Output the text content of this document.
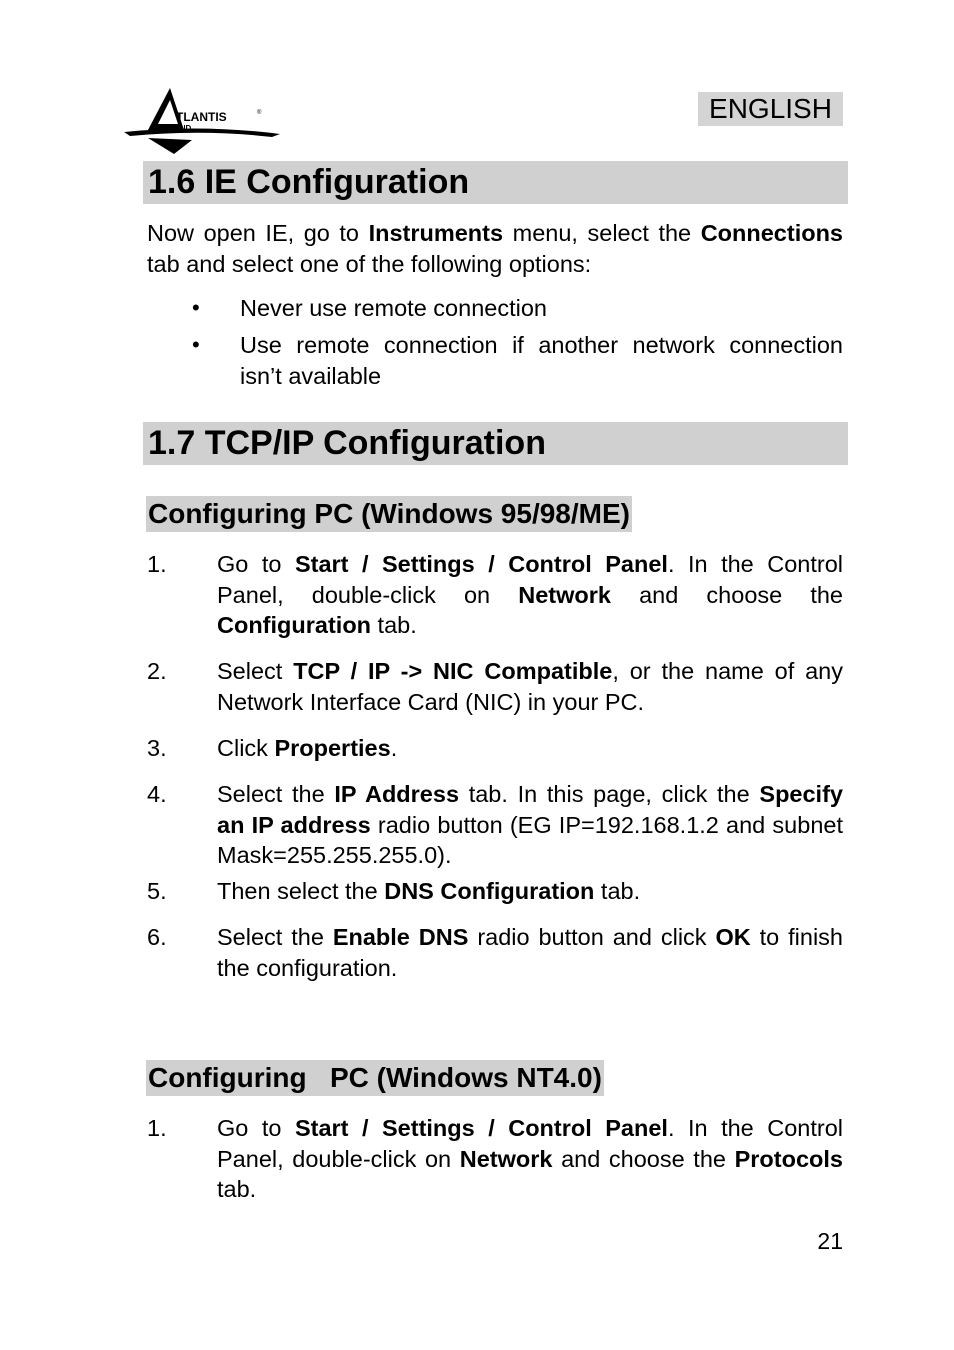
TLANTIS	®
AND
ENGLISH
1.6 IE Configuration
Now open IE, go to Instruments menu, select the Connections tab and select one of the following options:
• Never use remote connection
• Use remote connection if another network connection isn’t available
1.7 TCP/IP Configuration
Configuring PC (Windows 95/98/ME)
1. Go to Start / Settings / Control Panel. In the Control Panel, double-click on Network and choose the Configuration tab.
2. Select TCP / IP -> NIC Compatible, or the name of any Network Interface Card (NIC) in your PC.
3. Click Properties.
4. Select the IP Address tab. In this page, click the Specify an IP address radio button (EG IP=192.168.1.2 and subnet Mask=255.255.255.0).
5. Then select the DNS Configuration tab.
6. Select the Enable DNS radio button and click OK to finish the configuration.
Configuring   PC (Windows NT4.0)
1. Go to Start / Settings / Control Panel. In the Control Panel, double-click on Network and choose the Protocols tab.
21
